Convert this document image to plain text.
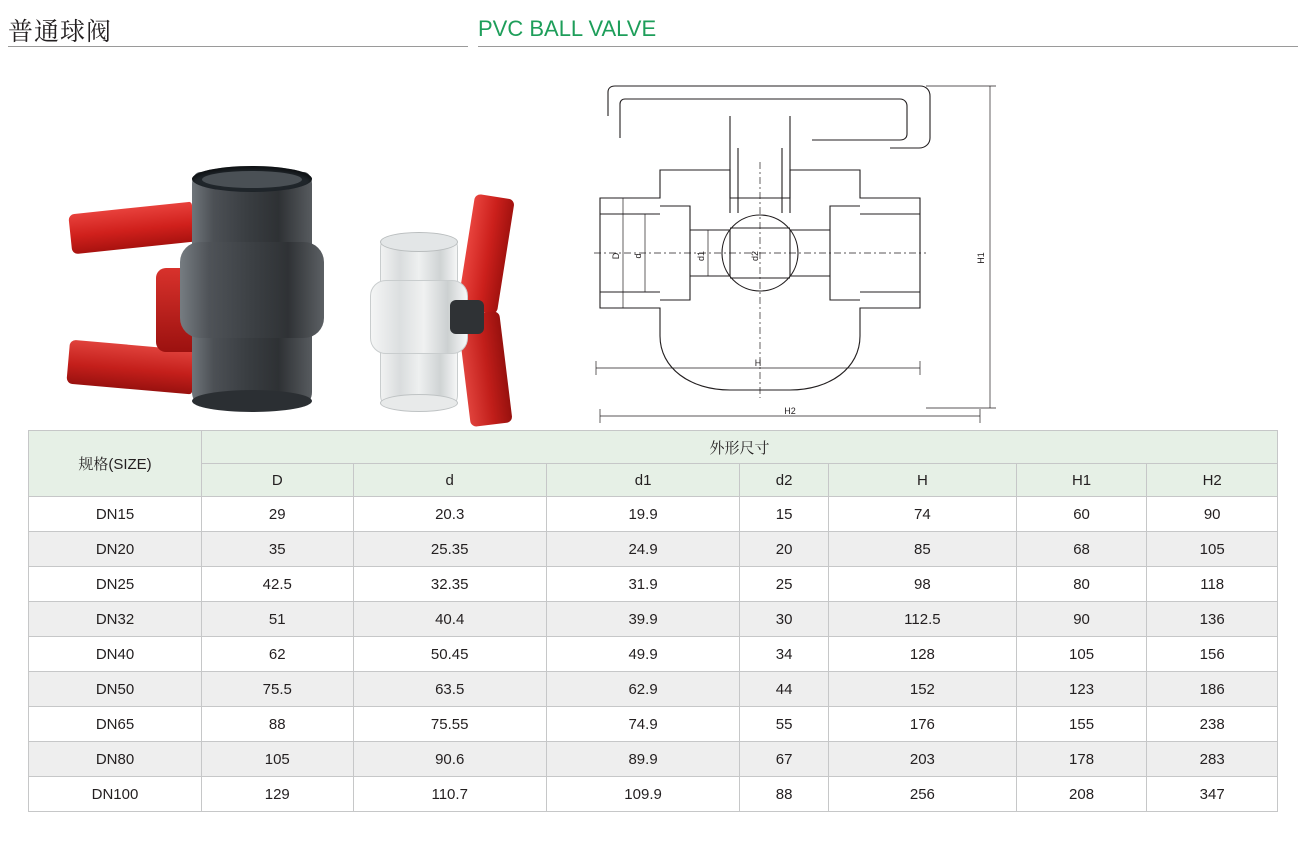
普通球阀	PVC BALL VALVE
H1
D d	d1	d2
H
H2
规格(SIZE)	外形尺寸						
	D	d	d1	d2	H	H1	H2
DN15	29	20.3	19.9	15	74	60	90
DN20	35	25.35	24.9	20	85	68	105
DN25	42.5	32.35	31.9	25	98	80	118
DN32	51	40.4	39.9	30	112.5	90	136
DN40	62	50.45	49.9	34	128	105	156
DN50	75.5	63.5	62.9	44	152	123	186
DN65	88	75.55	74.9	55	176	155	238
DN80	105	90.6	89.9	67	203	178	283
DN100	129	110.7	109.9	88	256	208	347
